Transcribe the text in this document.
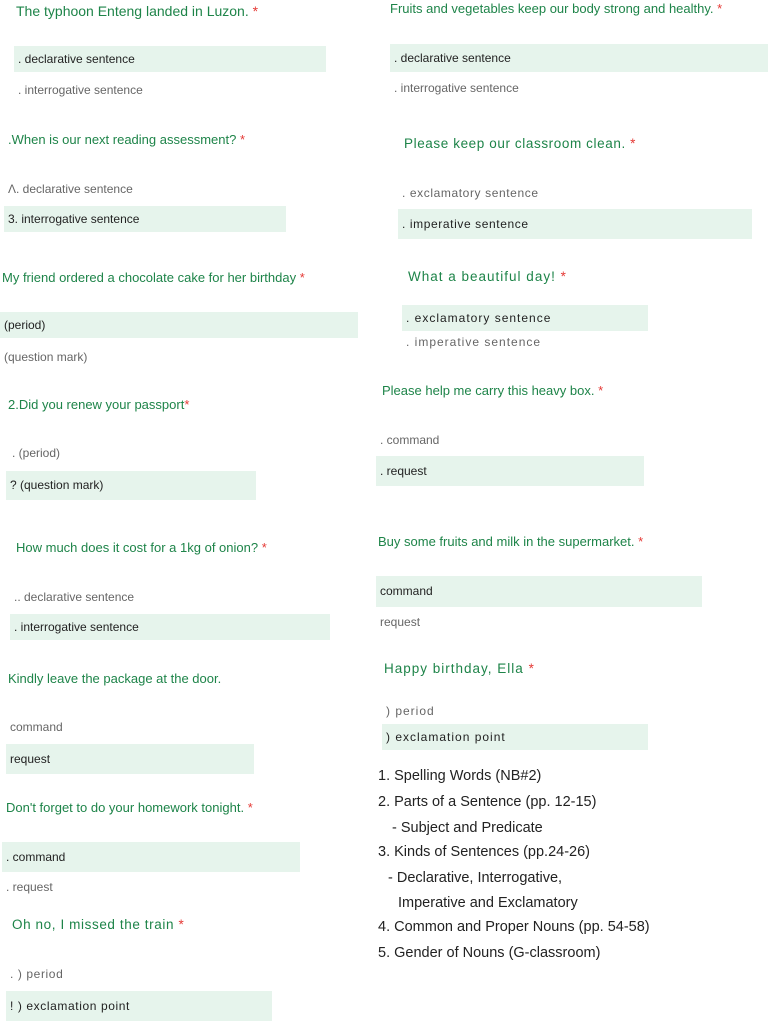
The typhoon Enteng landed in Luzon. *
. declarative sentence
. interrogative sentence
.When is our next reading assessment? *
Λ. declarative sentence
3. interrogative sentence
My friend ordered a chocolate cake for her birthday *
(period)
(question mark)
2.Did you renew your passport*
. (period)
? (question mark)
How much does it cost for a 1kg of onion? *
.. declarative sentence
. interrogative sentence
Kindly leave the package at the door.
command
request
Don't forget to do your homework tonight. *
. command
. request
Oh no, I missed the train *
. ) period
! ) exclamation point
Fruits and vegetables keep our body strong and healthy. *
. declarative sentence
. interrogative sentence
Please keep our classroom clean. *
. exclamatory sentence
. imperative sentence
What a beautiful day! *
. exclamatory sentence
. imperative sentence
Please help me carry this heavy box. *
. command
. request
Buy some fruits and milk in the supermarket. *
command
request
Happy birthday, Ella *
) period
) exclamation point
1. Spelling Words (NB#2)
2. Parts of a Sentence (pp. 12-15)
- Subject and Predicate
3. Kinds of Sentences (pp.24-26)
- Declarative, Interrogative,
Imperative and Exclamatory
4. Common and Proper Nouns (pp. 54-58)
5. Gender of Nouns (G-classroom)
